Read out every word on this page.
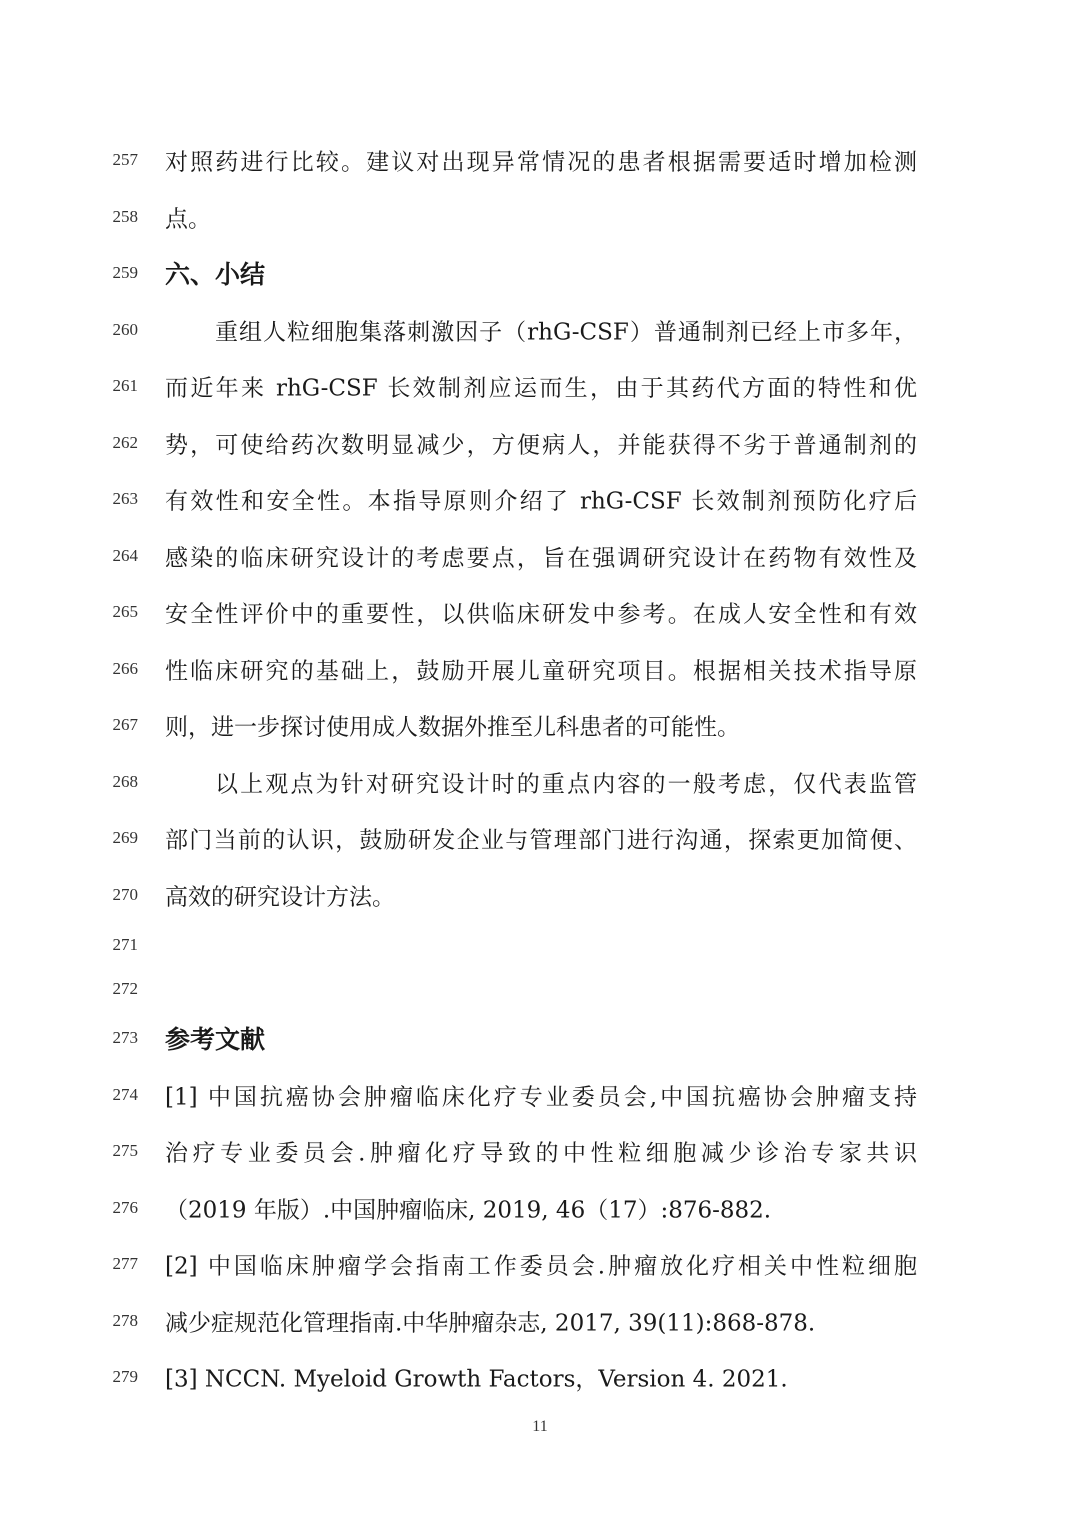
257 对照药进行比较。建议对出现异常情况的患者根据需要适时增加检测
258 点。
259 六、小结
260	重组人粒细胞集落刺激因子（rhG-CSF）普通制剂已经上市多年，
261 而近年来 rhG-CSF 长效制剂应运而生，由于其药代方面的特性和优
262 势，可使给药次数明显减少，方便病人，并能获得不劣于普通制剂的
263 有效性和安全性。本指导原则介绍了 rhG-CSF 长效制剂预防化疗后
264 感染的临床研究设计的考虑要点，旨在强调研究设计在药物有效性及
265 安全性评价中的重要性，以供临床研发中参考。在成人安全性和有效
266 性临床研究的基础上，鼓励开展儿童研究项目。根据相关技术指导原
267 则，进一步探讨使用成人数据外推至儿科患者的可能性。
268	以上观点为针对研究设计时的重点内容的一般考虑，仅代表监管
269 部门当前的认识，鼓励研发企业与管理部门进行沟通，探索更加简便、
270 高效的研究设计方法。
271
272
273 参考文献
274 [1] 中国抗癌协会肿瘤临床化疗专业委员会,中国抗癌协会肿瘤支持
275 治疗专业委员会.肿瘤化疗导致的中性粒细胞减少诊治专家共识
276 （2019 年版）.中国肿瘤临床, 2019, 46（17）:876-882.
277 [2] 中国临床肿瘤学会指南工作委员会.肿瘤放化疗相关中性粒细胞
278 减少症规范化管理指南.中华肿瘤杂志, 2017, 39(11):868-878.
279 [3] NCCN. Myeloid Growth Factors，Version 4. 2021.
11
